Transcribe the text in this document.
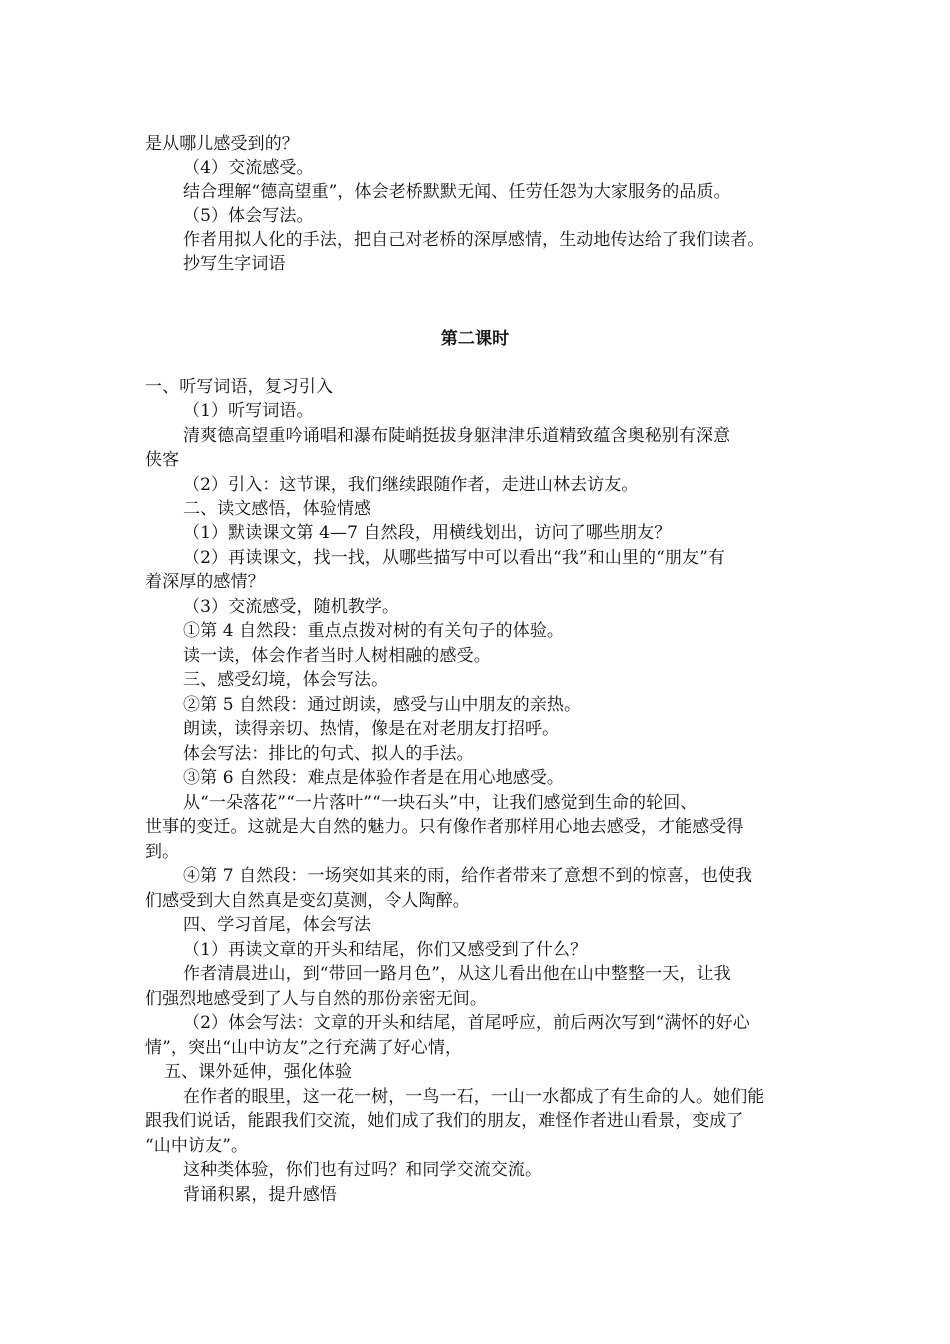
是从哪儿感受到的？
（4）交流感受。
结合理解“德高望重”，体会老桥默默无闻、任劳任怨为大家服务的品质。
（5）体会写法。
作者用拟人化的手法，把自己对老桥的深厚感情，生动地传达给了我们读者。
抄写生字词语
第二课时
一、听写词语，复习引入
（1）听写词语。
清爽德高望重吟诵唱和瀑布陡峭挺拔身躯津津乐道精致蕴含奥秘别有深意
侠客
（2）引入：这节课，我们继续跟随作者，走进山林去访友。
二、读文感悟，体验情感
（1）默读课文第 4—7 自然段，用横线划出，访问了哪些朋友？
（2）再读课文，找一找，从哪些描写中可以看出“我”和山里的“朋友”有
着深厚的感情？
（3）交流感受，随机教学。
①第 4 自然段：重点点拨对树的有关句子的体验。
读一读，体会作者当时人树相融的感受。
三、感受幻境，体会写法。
②第 5 自然段：通过朗读，感受与山中朋友的亲热。
朗读，读得亲切、热情，像是在对老朋友打招呼。
体会写法：排比的句式、拟人的手法。
③第 6 自然段：难点是体验作者是在用心地感受。
从“一朵落花”“一片落叶”“一块石头”中，让我们感觉到生命的轮回、
世事的变迁。这就是大自然的魅力。只有像作者那样用心地去感受，才能感受得
到。
④第 7 自然段：一场突如其来的雨，给作者带来了意想不到的惊喜，也使我
们感受到大自然真是变幻莫测，令人陶醉。
四、学习首尾，体会写法
（1）再读文章的开头和结尾，你们又感受到了什么？
作者清晨进山，到“带回一路月色”，从这儿看出他在山中整整一天，让我
们强烈地感受到了人与自然的那份亲密无间。
（2）体会写法：文章的开头和结尾，首尾呼应，前后两次写到“满怀的好心
情”，突出“山中访友”之行充满了好心情，
五、课外延伸，强化体验
在作者的眼里，这一花一树，一鸟一石，一山一水都成了有生命的人。她们能
跟我们说话，能跟我们交流，她们成了我们的朋友，难怪作者进山看景，变成了
“山中访友”。
这种类体验，你们也有过吗？和同学交流交流。
背诵积累，提升感悟
